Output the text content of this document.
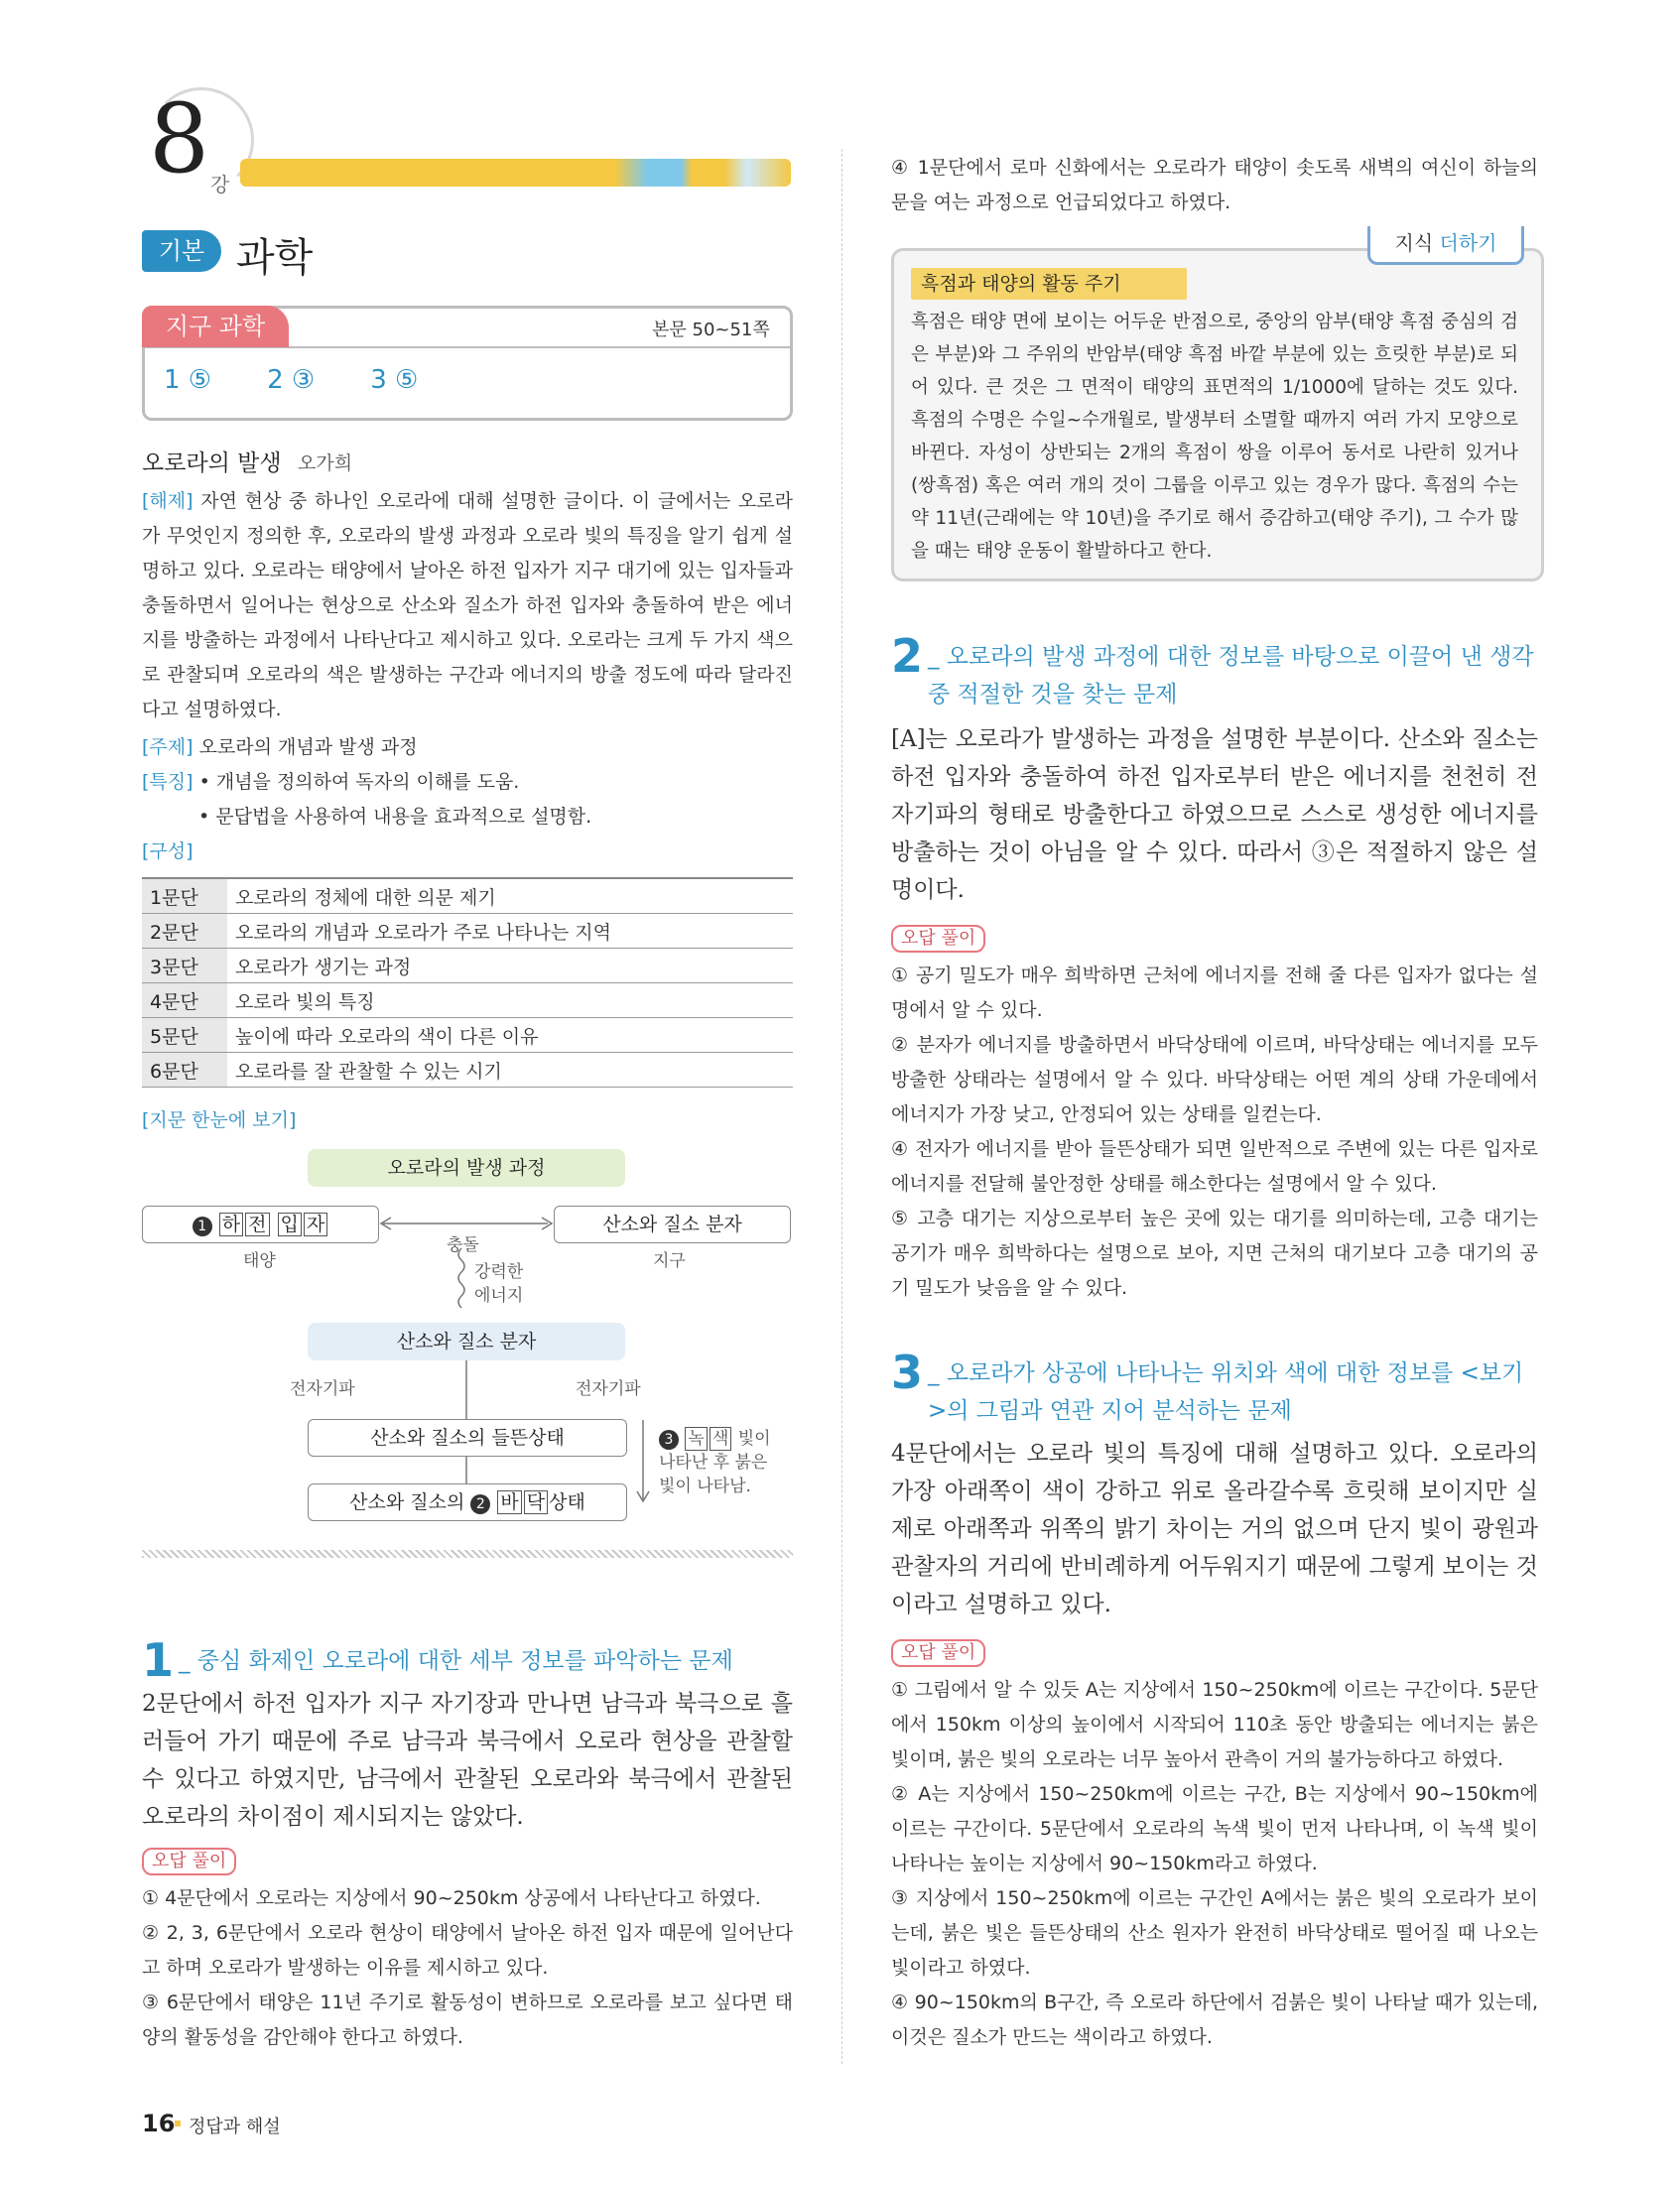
8 강
기본 과학
지구 과학	본문 50~51쪽
1 ⑤ 2 ③ 3 ⑤
오로라의 발생 오가희
[해제] 자연 현상 중 하나인 오로라에 대해 설명한 글이다. 이 글에서는 오로라가 무엇인지 정의한 후, 오로라의 발생 과정과 오로라 빛의 특징을 알기 쉽게 설명하고 있다. 오로라는 태양에서 날아온 하전 입자가 지구 대기에 있는 입자들과 충돌하면서 일어나는 현상으로 산소와 질소가 하전 입자와 충돌하여 받은 에너지를 방출하는 과정에서 나타난다고 제시하고 있다. 오로라는 크게 두 가지 색으로 관찰되며 오로라의 색은 발생하는 구간과 에너지의 방출 정도에 따라 달라진다고 설명하였다.
[주제] 오로라의 개념과 발생 과정
[특징] • 개념을 정의하여 독자의 이해를 도움.
• 문답법을 사용하여 내용을 효과적으로 설명함.
[구성]
1문단	오로라의 정체에 대한 의문 제기
2문단	오로라의 개념과 오로라가 주로 나타나는 지역
3문단	오로라가 생기는 과정
4문단	오로라 빛의 특징
5문단	높이에 따라 오로라의 색이 다른 이유
6문단	오로라를 잘 관찰할 수 있는 시기
[지문 한눈에 보기]
오로라의 발생 과정
1 하 전 입 자
태양
산소와 질소 분자
지구
충돌
강력한
에너지
산소와 질소 분자
전자기파	전자기파
산소와 질소의 들뜬상태
산소와 질소의 2 바 닥 상태
3 녹 색 빛이
나타난 후 붉은
빛이 나타남.
1 _ 중심 화제인 오로라에 대한 세부 정보를 파악하는 문제
2문단에서 하전 입자가 지구 자기장과 만나면 남극과 북극으로 흘러들어 가기 때문에 주로 남극과 북극에서 오로라 현상을 관찰할 수 있다고 하였지만, 남극에서 관찰된 오로라와 북극에서 관찰된 오로라의 차이점이 제시되지는 않았다.
오답 풀이
① 4문단에서 오로라는 지상에서 90~250km 상공에서 나타난다고 하였다.
② 2, 3, 6문단에서 오로라 현상이 태양에서 날아온 하전 입자 때문에 일어난다고 하며 오로라가 발생하는 이유를 제시하고 있다.
③ 6문단에서 태양은 11년 주기로 활동성이 변하므로 오로라를 보고 싶다면 태양의 활동성을 감안해야 한다고 하였다.
④ 1문단에서 로마 신화에서는 오로라가 태양이 솟도록 새벽의 여신이 하늘의 문을 여는 과정으로 언급되었다고 하였다.
지식 더하기
흑점과 태양의 활동 주기
흑점은 태양 면에 보이는 어두운 반점으로, 중앙의 암부(태양 흑점 중심의 검은 부분)와 그 주위의 반암부(태양 흑점 바깥 부분에 있는 흐릿한 부분)로 되어 있다. 큰 것은 그 면적이 태양의 표면적의 1/1000에 달하는 것도 있다. 흑점의 수명은 수일~수개월로, 발생부터 소멸할 때까지 여러 가지 모양으로 바뀐다. 자성이 상반되는 2개의 흑점이 쌍을 이루어 동서로 나란히 있거나(쌍흑점) 혹은 여러 개의 것이 그룹을 이루고 있는 경우가 많다. 흑점의 수는 약 11년(근래에는 약 10년)을 주기로 해서 증감하고(태양 주기), 그 수가 많을 때는 태양 운동이 활발하다고 한다.
2 _ 오로라의 발생 과정에 대한 정보를 바탕으로 이끌어 낸 생각 중 적절한 것을 찾는 문제
[A]는 오로라가 발생하는 과정을 설명한 부분이다. 산소와 질소는 하전 입자와 충돌하여 하전 입자로부터 받은 에너지를 천천히 전자기파의 형태로 방출한다고 하였으므로 스스로 생성한 에너지를 방출하는 것이 아님을 알 수 있다. 따라서 ③은 적절하지 않은 설명이다.
오답 풀이
① 공기 밀도가 매우 희박하면 근처에 에너지를 전해 줄 다른 입자가 없다는 설명에서 알 수 있다.
② 분자가 에너지를 방출하면서 바닥상태에 이르며, 바닥상태는 에너지를 모두 방출한 상태라는 설명에서 알 수 있다. 바닥상태는 어떤 계의 상태 가운데에서 에너지가 가장 낮고, 안정되어 있는 상태를 일컫는다.
④ 전자가 에너지를 받아 들뜬상태가 되면 일반적으로 주변에 있는 다른 입자로 에너지를 전달해 불안정한 상태를 해소한다는 설명에서 알 수 있다.
⑤ 고층 대기는 지상으로부터 높은 곳에 있는 대기를 의미하는데, 고층 대기는 공기가 매우 희박하다는 설명으로 보아, 지면 근처의 대기보다 고층 대기의 공기 밀도가 낮음을 알 수 있다.
3 _ 오로라가 상공에 나타나는 위치와 색에 대한 정보를 <보기>의 그림과 연관 지어 분석하는 문제
4문단에서는 오로라 빛의 특징에 대해 설명하고 있다. 오로라의 가장 아래쪽이 색이 강하고 위로 올라갈수록 흐릿해 보이지만 실제로 아래쪽과 위쪽의 밝기 차이는 거의 없으며 단지 빛이 광원과 관찰자의 거리에 반비례하게 어두워지기 때문에 그렇게 보이는 것이라고 설명하고 있다.
오답 풀이
① 그림에서 알 수 있듯 A는 지상에서 150~250km에 이르는 구간이다. 5문단에서 150km 이상의 높이에서 시작되어 110초 동안 방출되는 에너지는 붉은 빛이며, 붉은 빛의 오로라는 너무 높아서 관측이 거의 불가능하다고 하였다.
② A는 지상에서 150~250km에 이르는 구간, B는 지상에서 90~150km에 이르는 구간이다. 5문단에서 오로라의 녹색 빛이 먼저 나타나며, 이 녹색 빛이 나타나는 높이는 지상에서 90~150km라고 하였다.
③ 지상에서 150~250km에 이르는 구간인 A에서는 붉은 빛의 오로라가 보이는데, 붉은 빛은 들뜬상태의 산소 원자가 완전히 바닥상태로 떨어질 때 나오는 빛이라고 하였다.
④ 90~150km의 B구간, 즉 오로라 하단에서 검붉은 빛이 나타날 때가 있는데, 이것은 질소가 만드는 색이라고 하였다.
16 정답과 해설
